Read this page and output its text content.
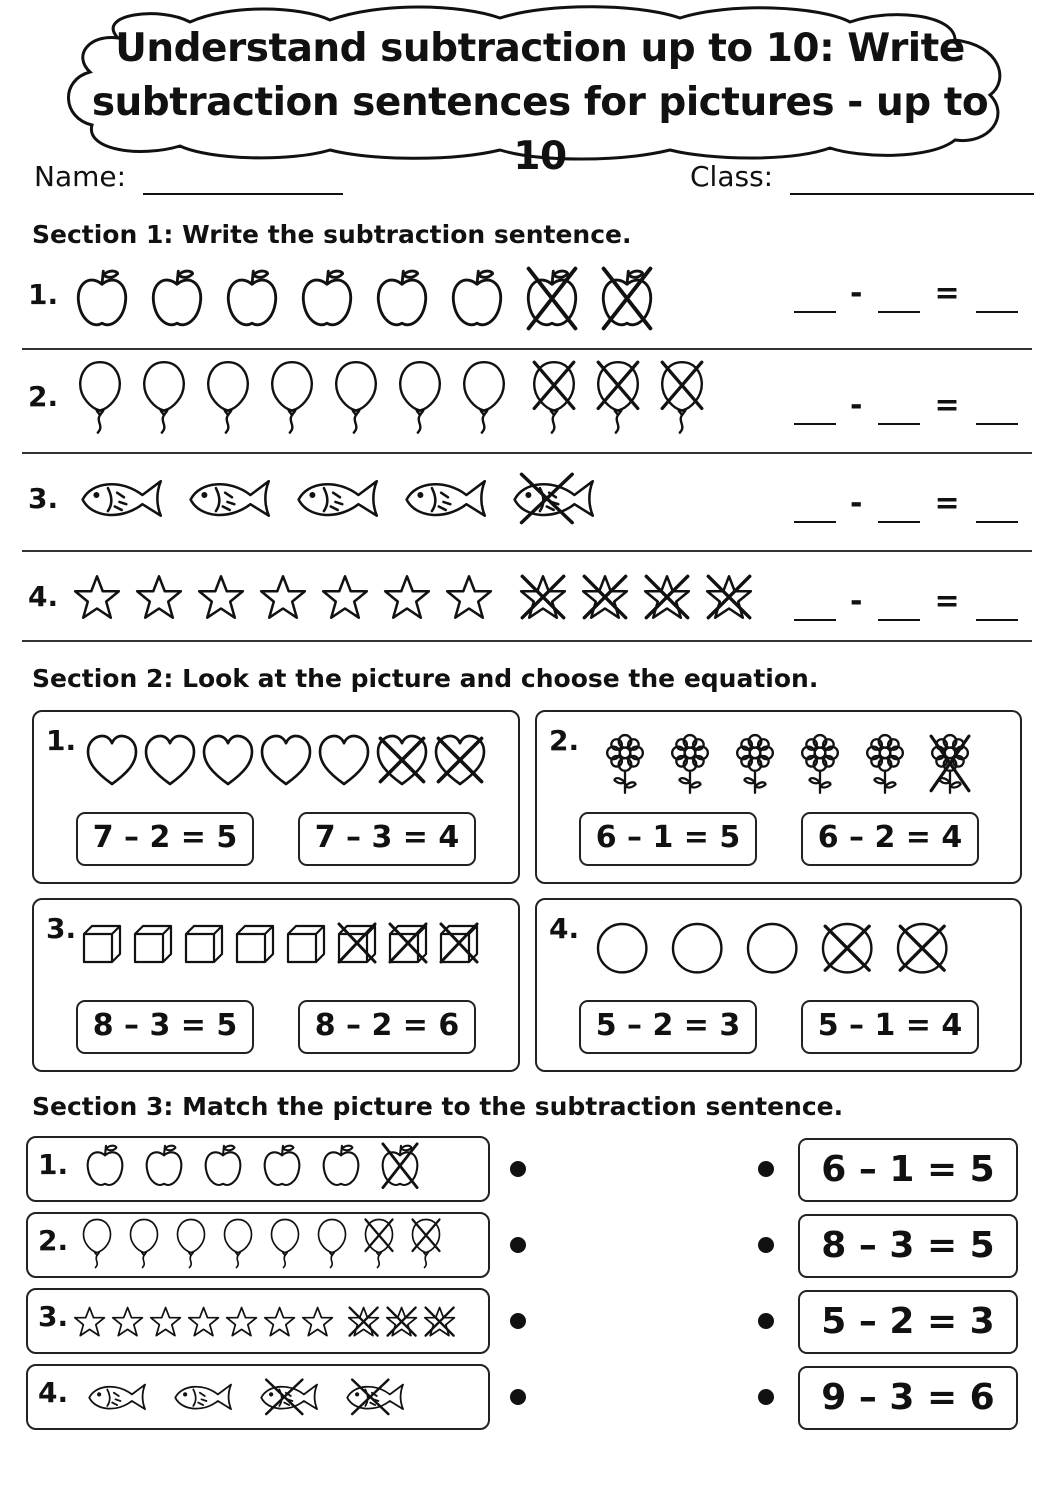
Understand subtraction up to 10: Write
subtraction sentences for pictures - up to 10
Name:	Class:
Section 1: Write the subtraction sentence.
1.	- =
2.	- =
3.	- =
4.	- =
Section 2: Look at the picture and choose the equation.
1.
7 – 2 = 5	7 – 3 = 4
2.
6 – 1 = 5	6 – 2 = 4
3.
8 – 3 = 5	8 – 2 = 6
4.
5 – 2 = 3	5 – 1 = 4
Section 3: Match the picture to the subtraction sentence.
1.	6 – 1 = 5
2.	8 – 3 = 5
3.	5 – 2 = 3
4.	9 – 3 = 6
